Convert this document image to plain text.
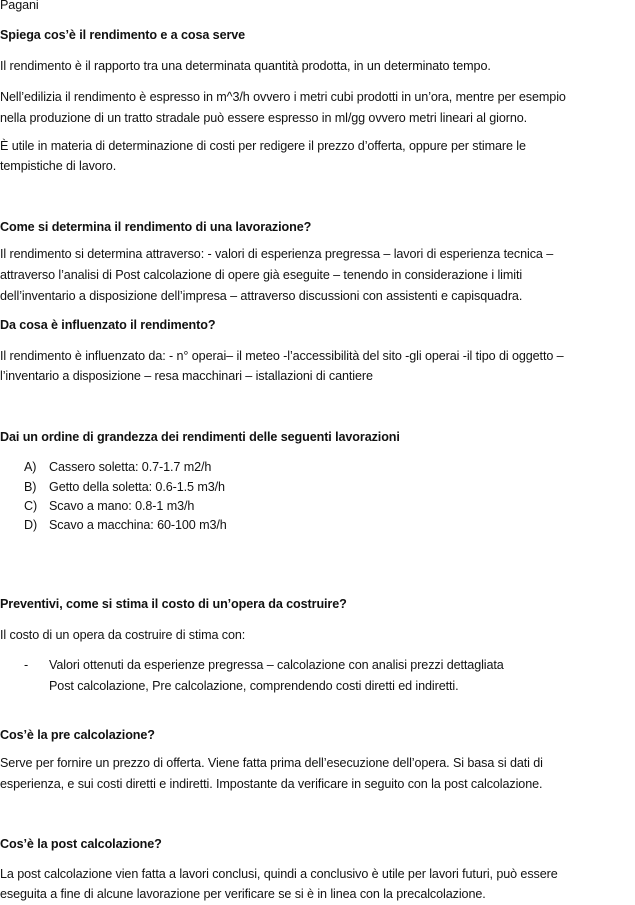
Pagani
Spiega cos’è il rendimento e a cosa serve
Il rendimento è il rapporto tra una determinata quantità prodotta, in un determinato tempo.
Nell’edilizia il rendimento è espresso in m^3/h ovvero i metri cubi prodotti in un’ora, mentre per esempio
nella produzione di un tratto stradale può essere espresso in ml/gg ovvero metri lineari al giorno.
È utile in materia di determinazione di costi per redigere il prezzo d’offerta, oppure per stimare le
tempistiche di lavoro.
Come si determina il rendimento di una lavorazione?
Il rendimento si determina attraverso: - valori di esperienza pregressa – lavori di esperienza tecnica –
attraverso l’analisi di Post calcolazione di opere già eseguite – tenendo in considerazione i limiti
dell’inventario a disposizione dell’impresa – attraverso discussioni con assistenti e capisquadra.
Da cosa è influenzato il rendimento?
Il rendimento è influenzato da: - n° operai– il meteo -l’accessibilità del sito -gli operai -il tipo di oggetto –
l’inventario a disposizione – resa macchinari – istallazioni di cantiere
Dai un ordine di grandezza dei rendimenti delle seguenti lavorazioni
A) Cassero soletta: 0.7-1.7 m2/h
B) Getto della soletta: 0.6-1.5 m3/h
C) Scavo a mano: 0.8-1 m3/h
D) Scavo a macchina: 60-100 m3/h
Preventivi, come si stima il costo di un’opera da costruire?
Il costo di un opera da costruire di stima con:
- Valori ottenuti da esperienze pregressa – calcolazione con analisi prezzi dettagliata
Post calcolazione, Pre calcolazione, comprendendo costi diretti ed indiretti.
Cos’è la pre calcolazione?
Serve per fornire un prezzo di offerta. Viene fatta prima dell’esecuzione dell’opera. Si basa si dati di
esperienza, e sui costi diretti e indiretti. Impostante da verificare in seguito con la post calcolazione.
Cos’è la post calcolazione?
La post calcolazione vien fatta a lavori conclusi, quindi a conclusivo è utile per lavori futuri, può essere
eseguita a fine di alcune lavorazione per verificare se si è in linea con la precalcolazione.
